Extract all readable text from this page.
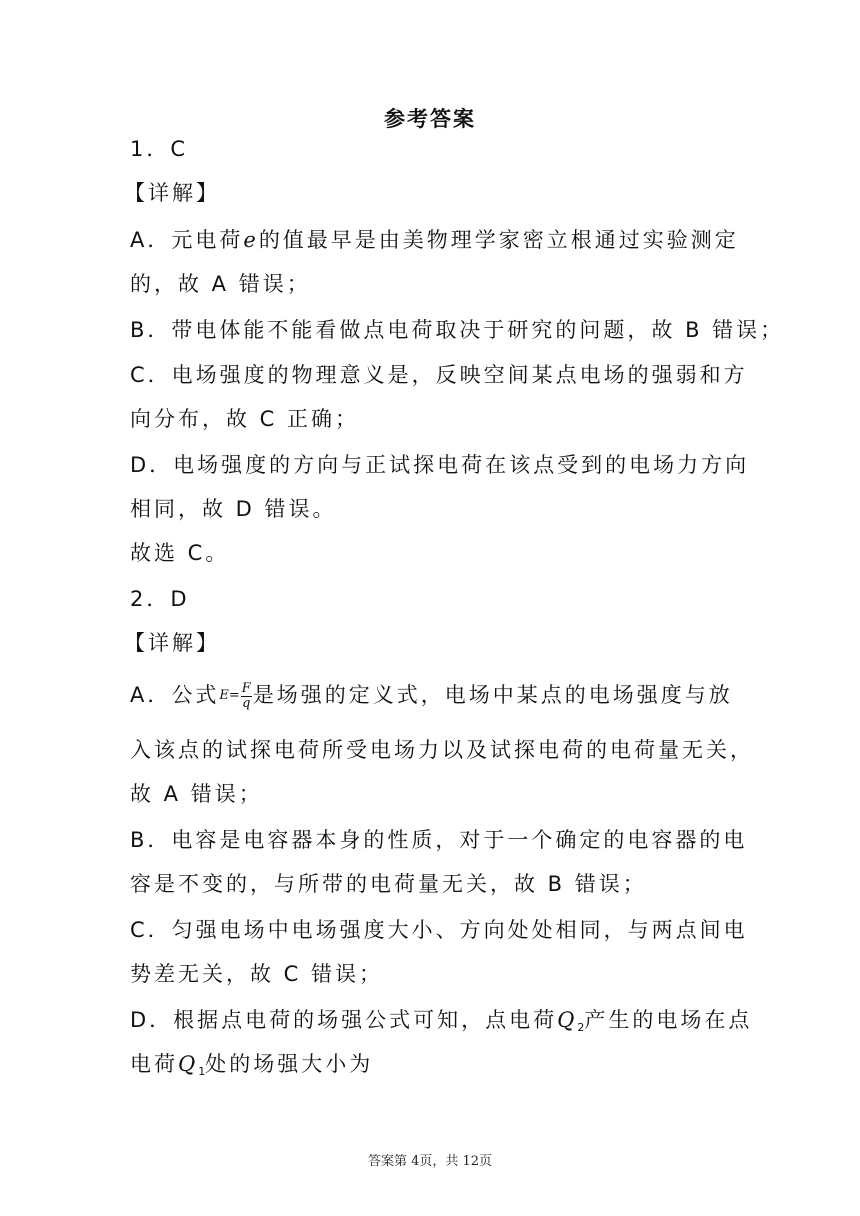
参考答案
1．C
【详解】
A．元电荷e的值最早是由美物理学家密立根通过实验测定
的，故 A 错误；
B．带电体能不能看做点电荷取决于研究的问题，故 B 错误；
C．电场强度的物理意义是，反映空间某点电场的强弱和方
向分布，故 C 正确；
D．电场强度的方向与正试探电荷在该点受到的电场力方向
相同，故 D 错误。
故选 C。
2．D
【详解】
A．公式$E= \frac{F}{q}$ 是场强的定义式，电场中某点的电场强度与放
入该点的试探电荷所受电场力以及试探电荷的电荷量无关，
故 A 错误；
B．电容是电容器本身的性质，对于一个确定的电容器的电
容是不变的，与所带的电荷量无关，故 B 错误；
C．匀强电场中电场强度大小、方向处处相同，与两点间电
势差无关，故 C 错误；
D．根据点电荷的场强公式可知，点电荷$Q_2$产生的电场在点
电荷$Q_1$处的场强大小为
答案第 4页，共 12页
